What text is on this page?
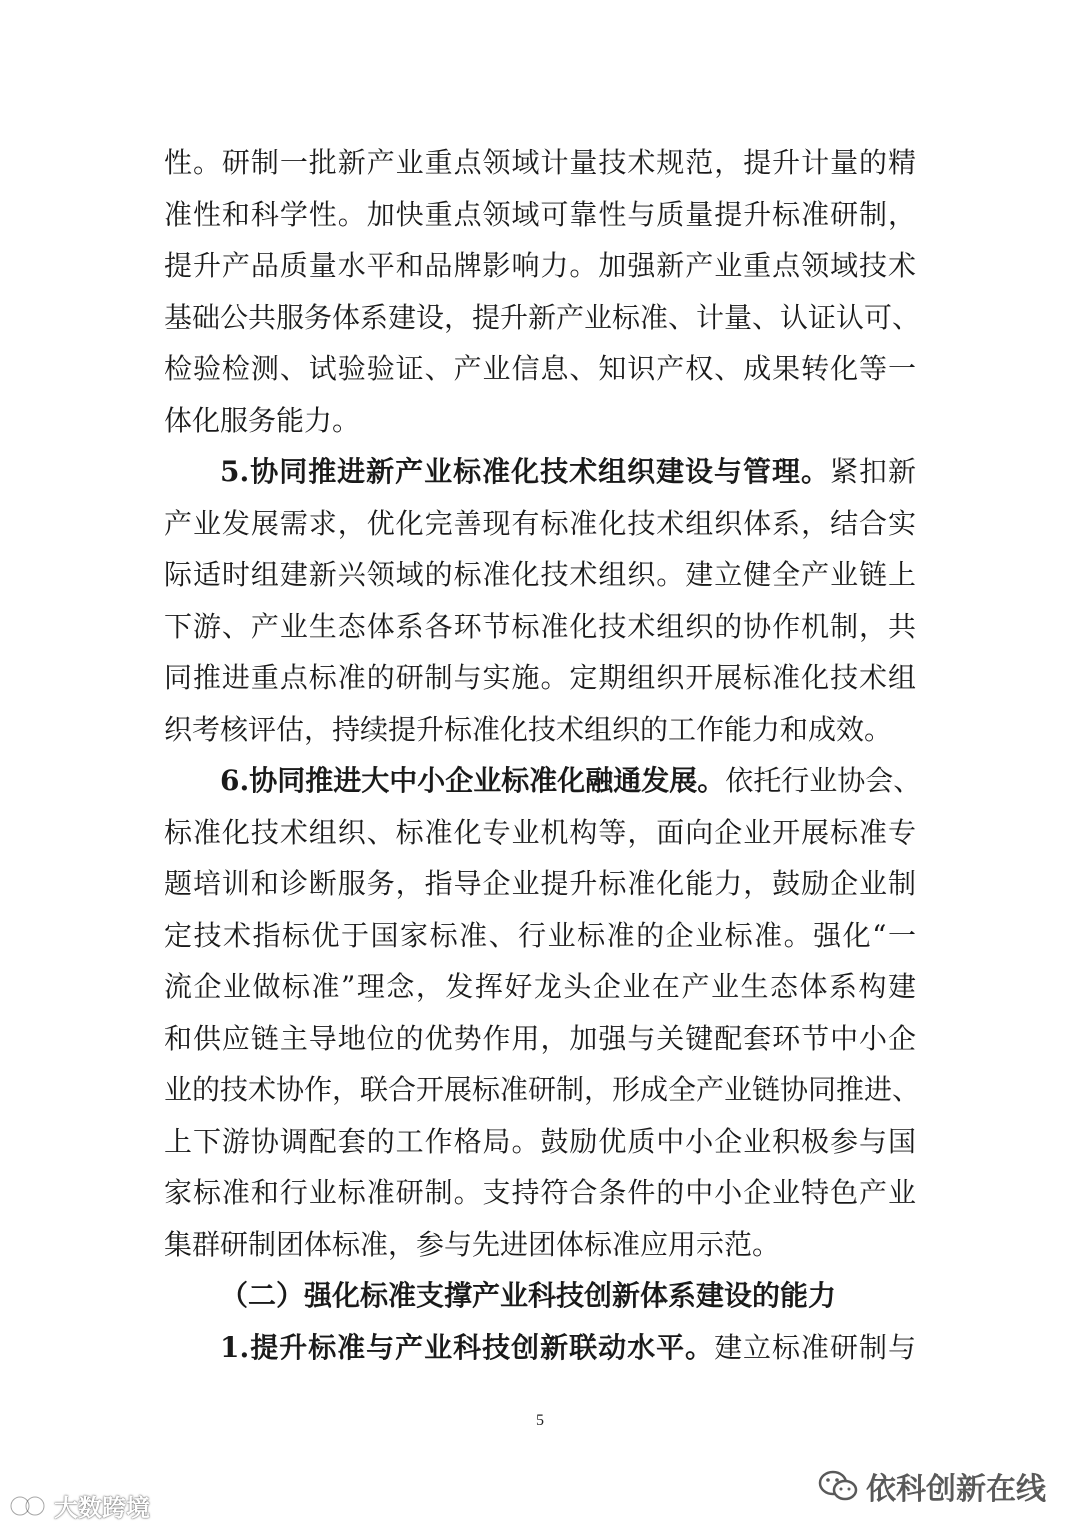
性。研制一批新产业重点领域计量技术规范，提升计量的精
准性和科学性。加快重点领域可靠性与质量提升标准研制，
提升产品质量水平和品牌影响力。加强新产业重点领域技术
基础公共服务体系建设，提升新产业标准、计量、认证认可、
检验检测、试验验证、产业信息、知识产权、成果转化等一
体化服务能力。
5.协同推进新产业标准化技术组织建设与管理。紧扣新
产业发展需求，优化完善现有标准化技术组织体系，结合实
际适时组建新兴领域的标准化技术组织。建立健全产业链上
下游、产业生态体系各环节标准化技术组织的协作机制，共
同推进重点标准的研制与实施。定期组织开展标准化技术组
织考核评估，持续提升标准化技术组织的工作能力和成效。
6.协同推进大中小企业标准化融通发展。依托行业协会、
标准化技术组织、标准化专业机构等，面向企业开展标准专
题培训和诊断服务，指导企业提升标准化能力，鼓励企业制
定技术指标优于国家标准、行业标准的企业标准。强化“一
流企业做标准”理念，发挥好龙头企业在产业生态体系构建
和供应链主导地位的优势作用，加强与关键配套环节中小企
业的技术协作，联合开展标准研制，形成全产业链协同推进、
上下游协调配套的工作格局。鼓励优质中小企业积极参与国
家标准和行业标准研制。支持符合条件的中小企业特色产业
集群研制团体标准，参与先进团体标准应用示范。
（二）强化标准支撑产业科技创新体系建设的能力
1.提升标准与产业科技创新联动水平。建立标准研制与
5
依科创新在线
大数跨境
